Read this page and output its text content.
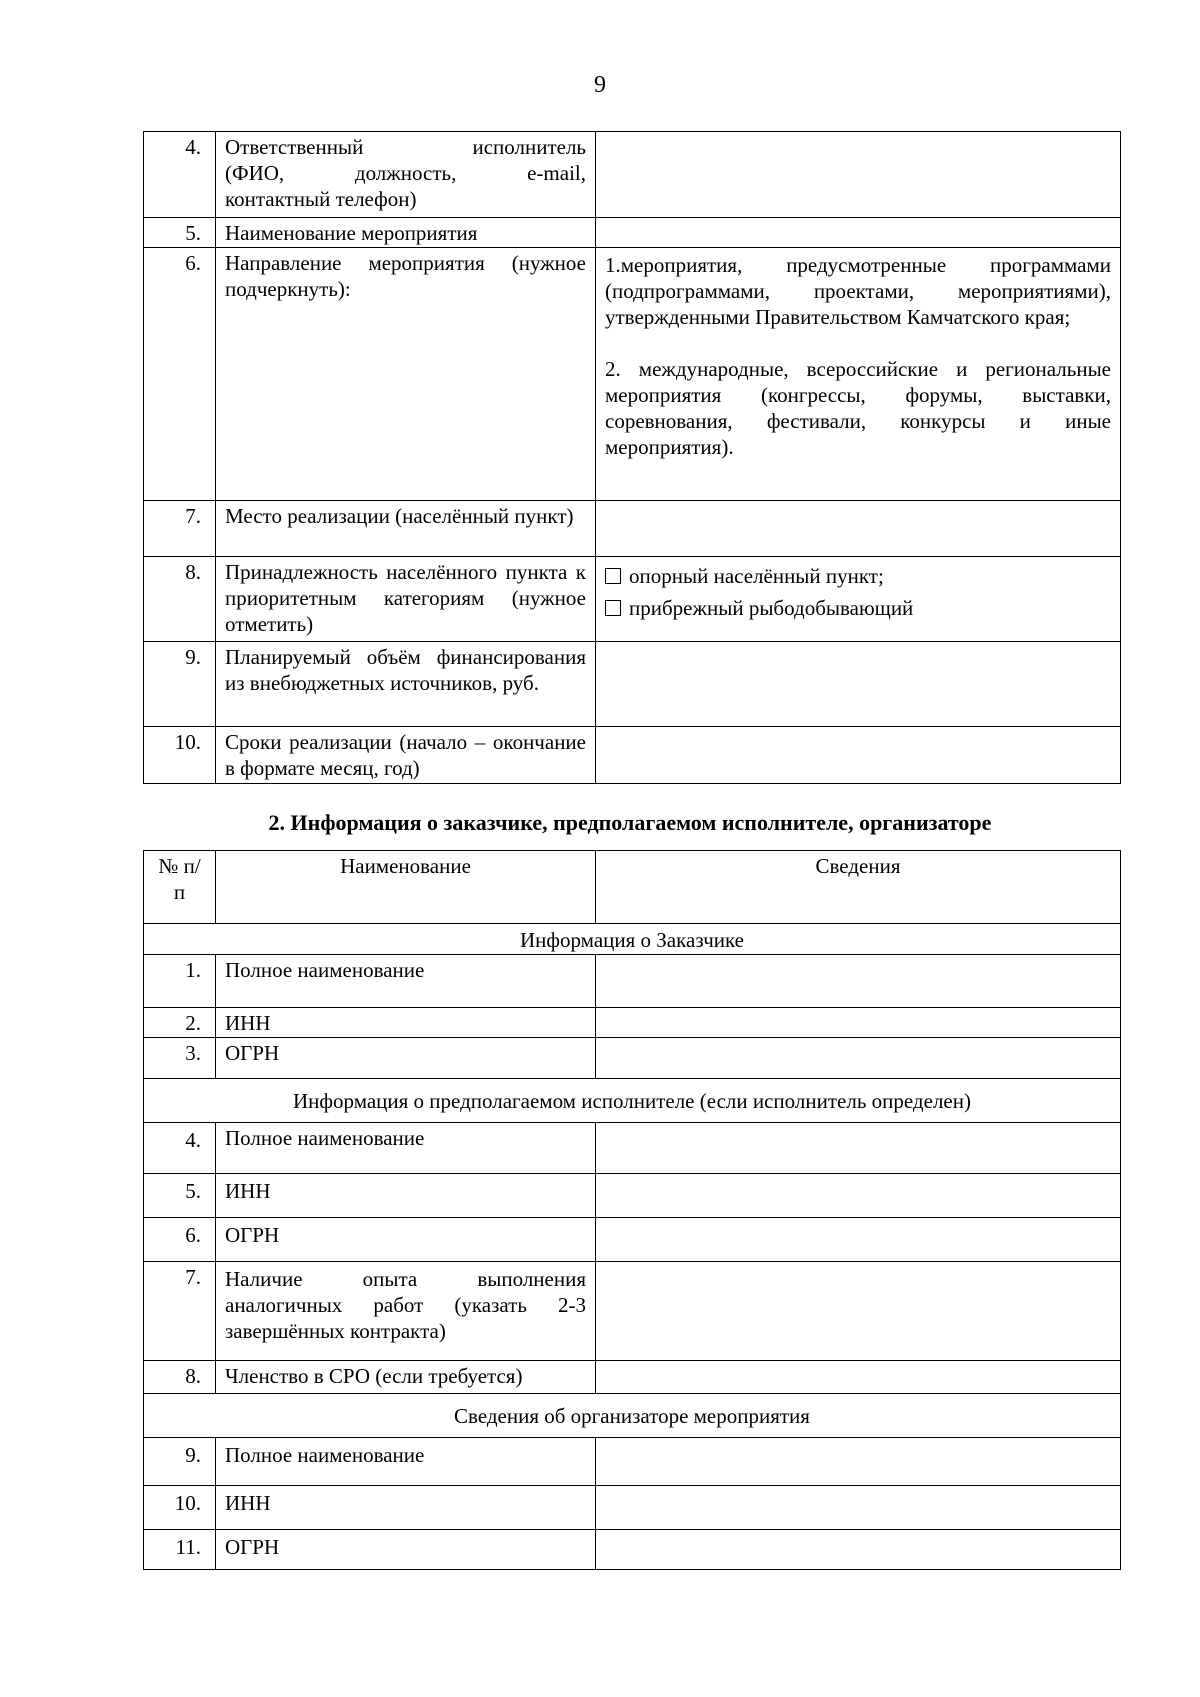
9
4.	Ответственный исполнитель
(ФИО, должность, e-mail,
контактный телефон)	

5.	Наименование мероприятия	
6.	Направление мероприятия (нужное подчеркнуть):	1.мероприятия, предусмотренные программами (подпрограммами, проектами, мероприятиями), утвержденными Правительством Камчатского края;
2. международные, всероссийские и региональные мероприятия (конгрессы, форумы, выставки, соревнования, фестивали, конкурсы и иные мероприятия).

7.	Место реализации (населённый пункт)	
8.	Принадлежность населённого пункта к приоритетным категориям (нужное отметить)	опорный населённый пункт;
прибрежный рыбодобывающий

9.	Планируемый объём финансирования из внебюджетных источников, руб.	
10.	Сроки реализации (начало – окончание в формате месяц, год)	
2. Информация о заказчике, предполагаемом исполнителе, организаторе
№ п/п	Наименование	Сведения
Информация о Заказчике		
1.	Полное наименование	
2.	ИНН	
3.	ОГРН	
Информация о предполагаемом исполнителе (если исполнитель определен)		
4.	Полное наименование	
5.	ИНН	
6.	ОГРН	
7.	Наличие опыта выполнения аналогичных работ (указать 2-3 завершённых контракта)	
8.	Членство в СРО (если требуется)	
Сведения об организаторе мероприятия		
9.	Полное наименование	
10.	ИНН	
11.	ОГРН	
